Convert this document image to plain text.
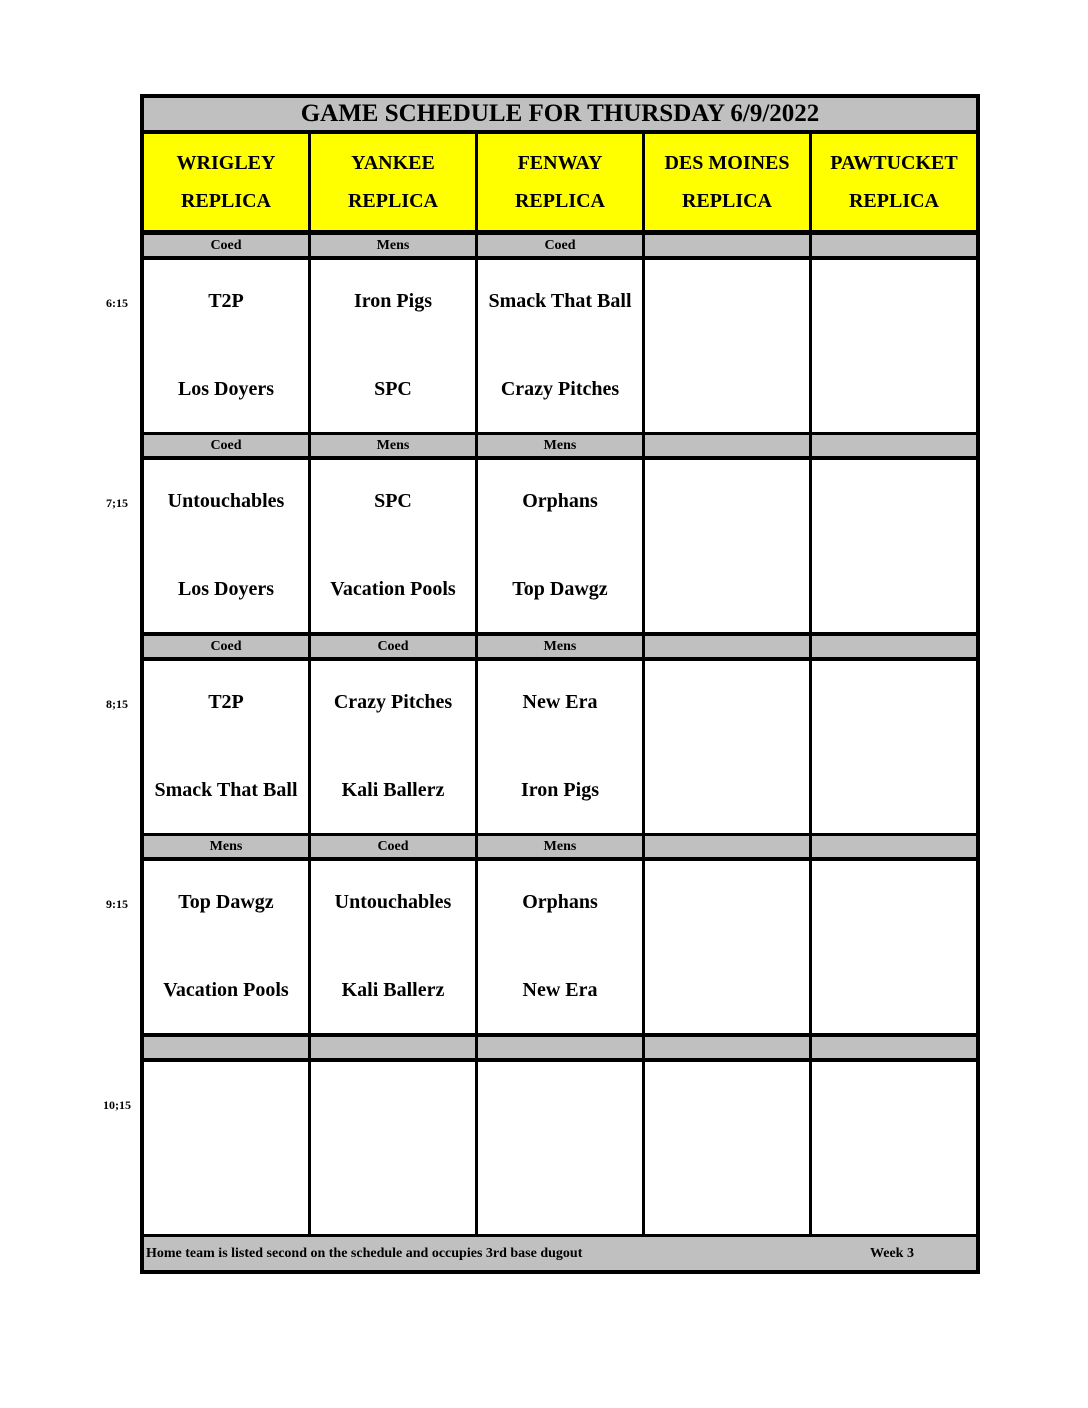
GAME SCHEDULE FOR THURSDAY 6/9/2022
WRIGLEY
REPLICA
YANKEE
REPLICA
FENWAY
REPLICA
DES MOINES
REPLICA
PAWTUCKET
REPLICA
Coed
T2P
Los Doyers
Mens
Iron Pigs
SPC
Coed
Smack That Ball
Crazy Pitches
Coed
Untouchables
Los Doyers
Mens
SPC
Vacation Pools
Mens
Orphans
Top Dawgz
Coed
T2P
Smack That Ball
Coed
Crazy Pitches
Kali Ballerz
Mens
New Era
Iron Pigs
Mens
Top Dawgz
Vacation Pools
Coed
Untouchables
Kali Ballerz
Mens
Orphans
New Era
Home team is listed second on the schedule and occupies 3rd base dugout	Week 3
6:15
7;15
8;15
9:15
10;15
